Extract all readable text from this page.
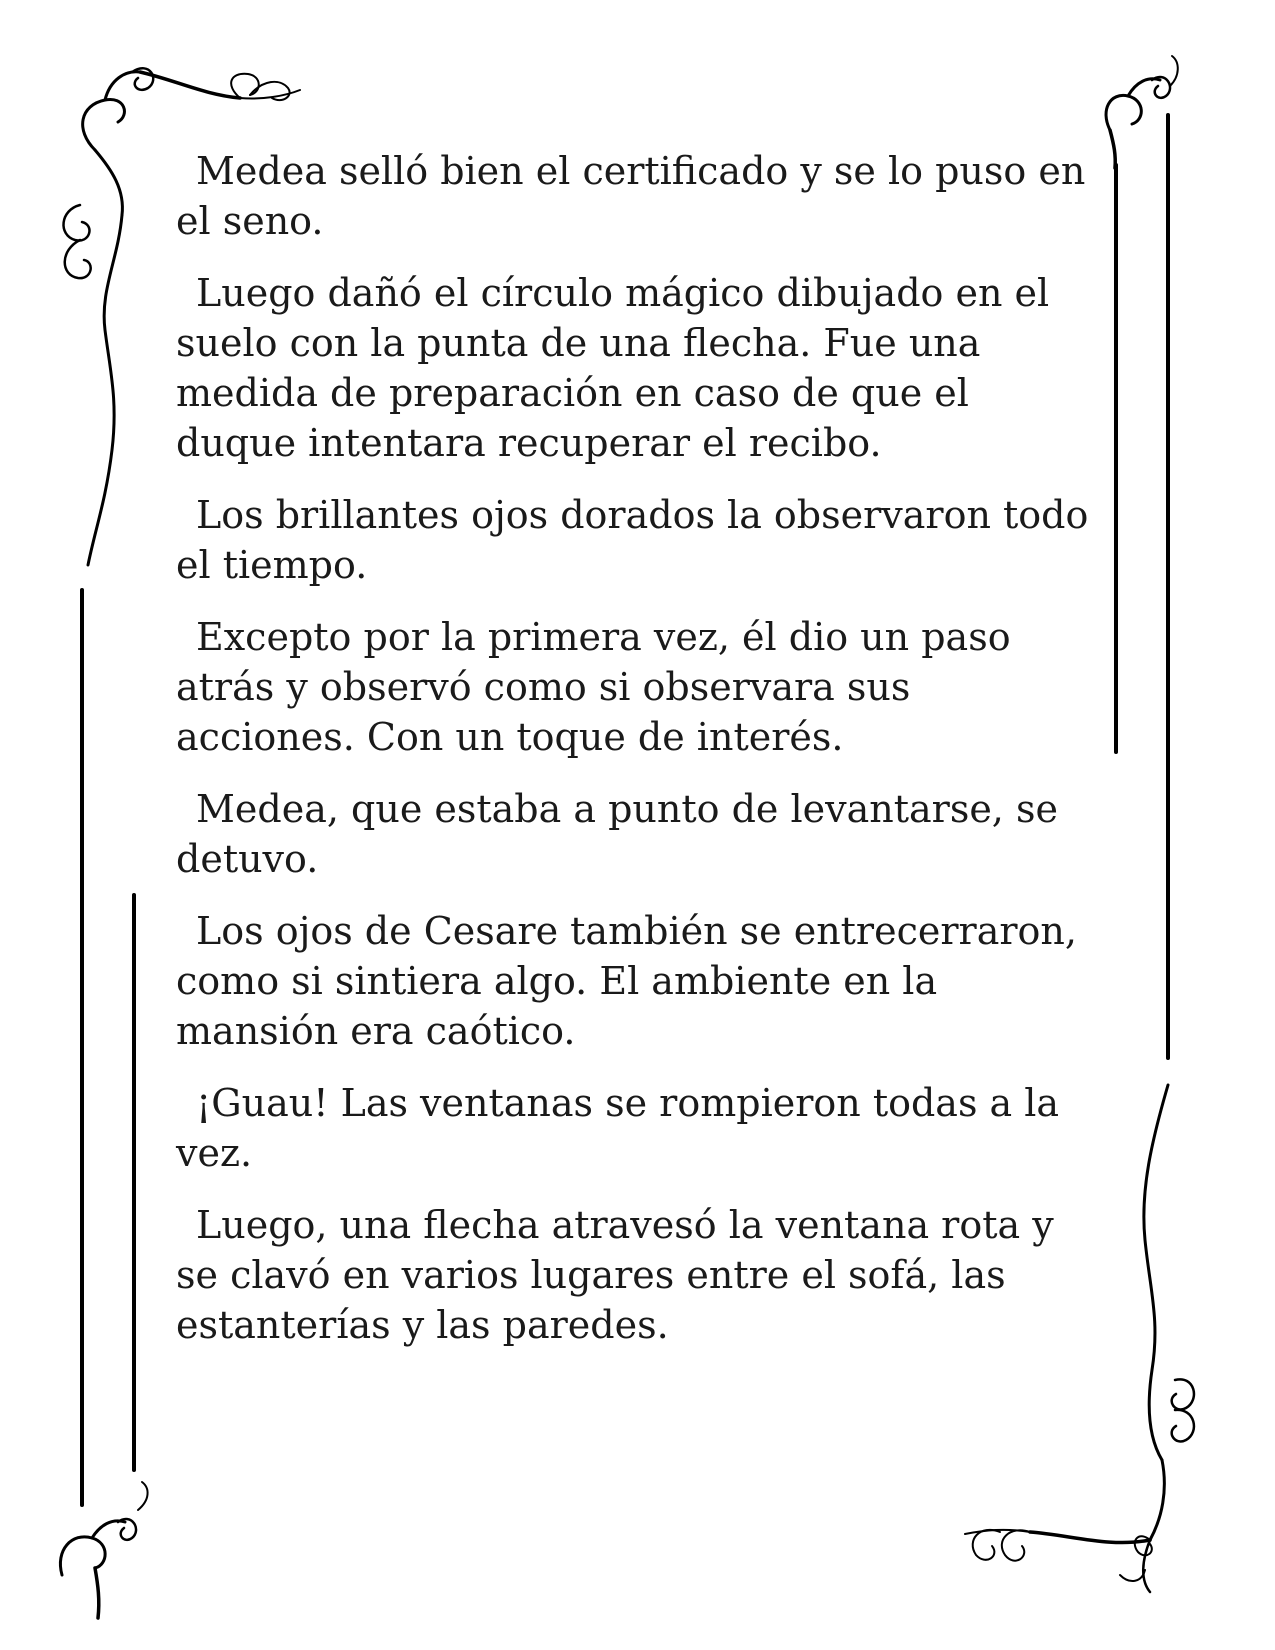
Medea selló bien el certificado y se lo puso en el seno.

Luego dañó el círculo mágico dibujado en el suelo con la punta de una flecha. Fue una medida de preparación en caso de que el duque intentara recuperar el recibo.

Los brillantes ojos dorados la observaron todo el tiempo.

Excepto por la primera vez, él dio un paso atrás y observó como si observara sus acciones. Con un toque de interés.

Medea, que estaba a punto de levantarse, se detuvo.

Los ojos de Cesare también se entrecerraron, como si sintiera algo. El ambiente en la mansión era caótico.

¡Guau! Las ventanas se rompieron todas a la vez.

Luego, una flecha atravesó la ventana rota y se clavó en varios lugares entre el sofá, las estanterías y las paredes.
